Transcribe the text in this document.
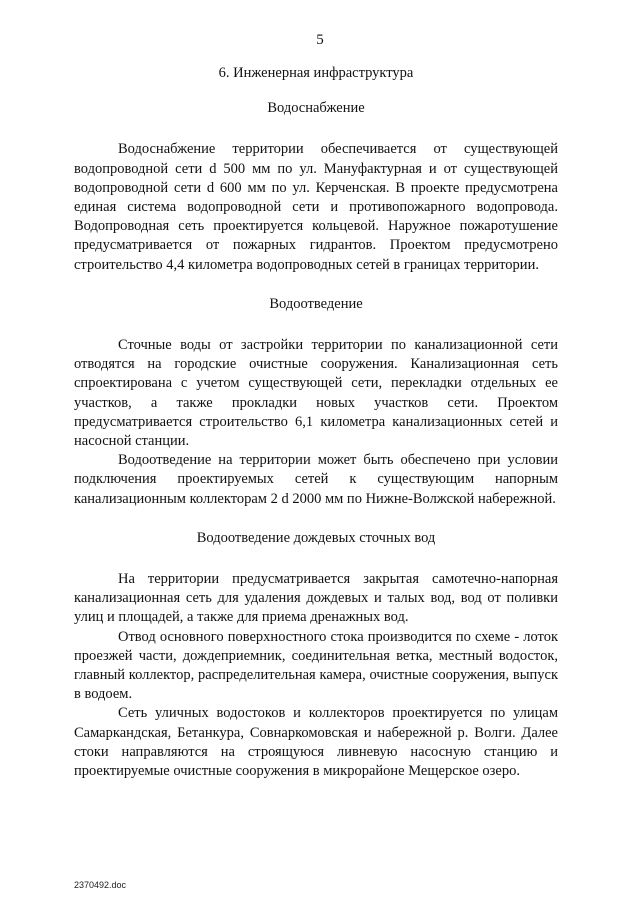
5
6. Инженерная инфраструктура
Водоснабжение

Водоснабжение территории обеспечивается от существующей водопроводной сети d 500 мм по ул. Мануфактурная и от существующей водопроводной сети d 600 мм по ул. Керченская. В проекте предусмотрена единая система водопроводной сети и противопожарного водопровода. Водопроводная сеть проектируется кольцевой. Наружное пожаротушение предусматривается от пожарных гидрантов. Проектом предусмотрено строительство 4,4 километра водопроводных сетей в границах территории.

Водоотведение

Сточные воды от застройки территории по канализационной сети отводятся на городские очистные сооружения. Канализационная сеть спроектирована с учетом существующей сети, перекладки отдельных ее участков, а также прокладки новых участков сети. Проектом предусматривается строительство 6,1 километра канализационных сетей и насосной станции.

Водоотведение на территории может быть обеспечено при условии подключения проектируемых сетей к существующим напорным канализационным коллекторам 2 d 2000 мм по Нижне-Волжской набережной.

Водоотведение дождевых сточных вод

На территории предусматривается закрытая самотечно-напорная канализационная сеть для удаления дождевых и талых вод, вод от поливки улиц и площадей, а также для приема дренажных вод.

Отвод основного поверхностного стока производится по схеме - лоток проезжей части, дождеприемник, соединительная ветка, местный водосток, главный коллектор, распределительная камера, очистные сооружения, выпуск в водоем.

Сеть уличных водостоков и коллекторов проектируется по улицам Самаркандская, Бетанкура, Совнаркомовская и набережной р. Волги. Далее стоки направляются на строящуюся ливневую насосную станцию и проектируемые очистные сооружения в микрорайоне Мещерское озеро.

2370492.doc
